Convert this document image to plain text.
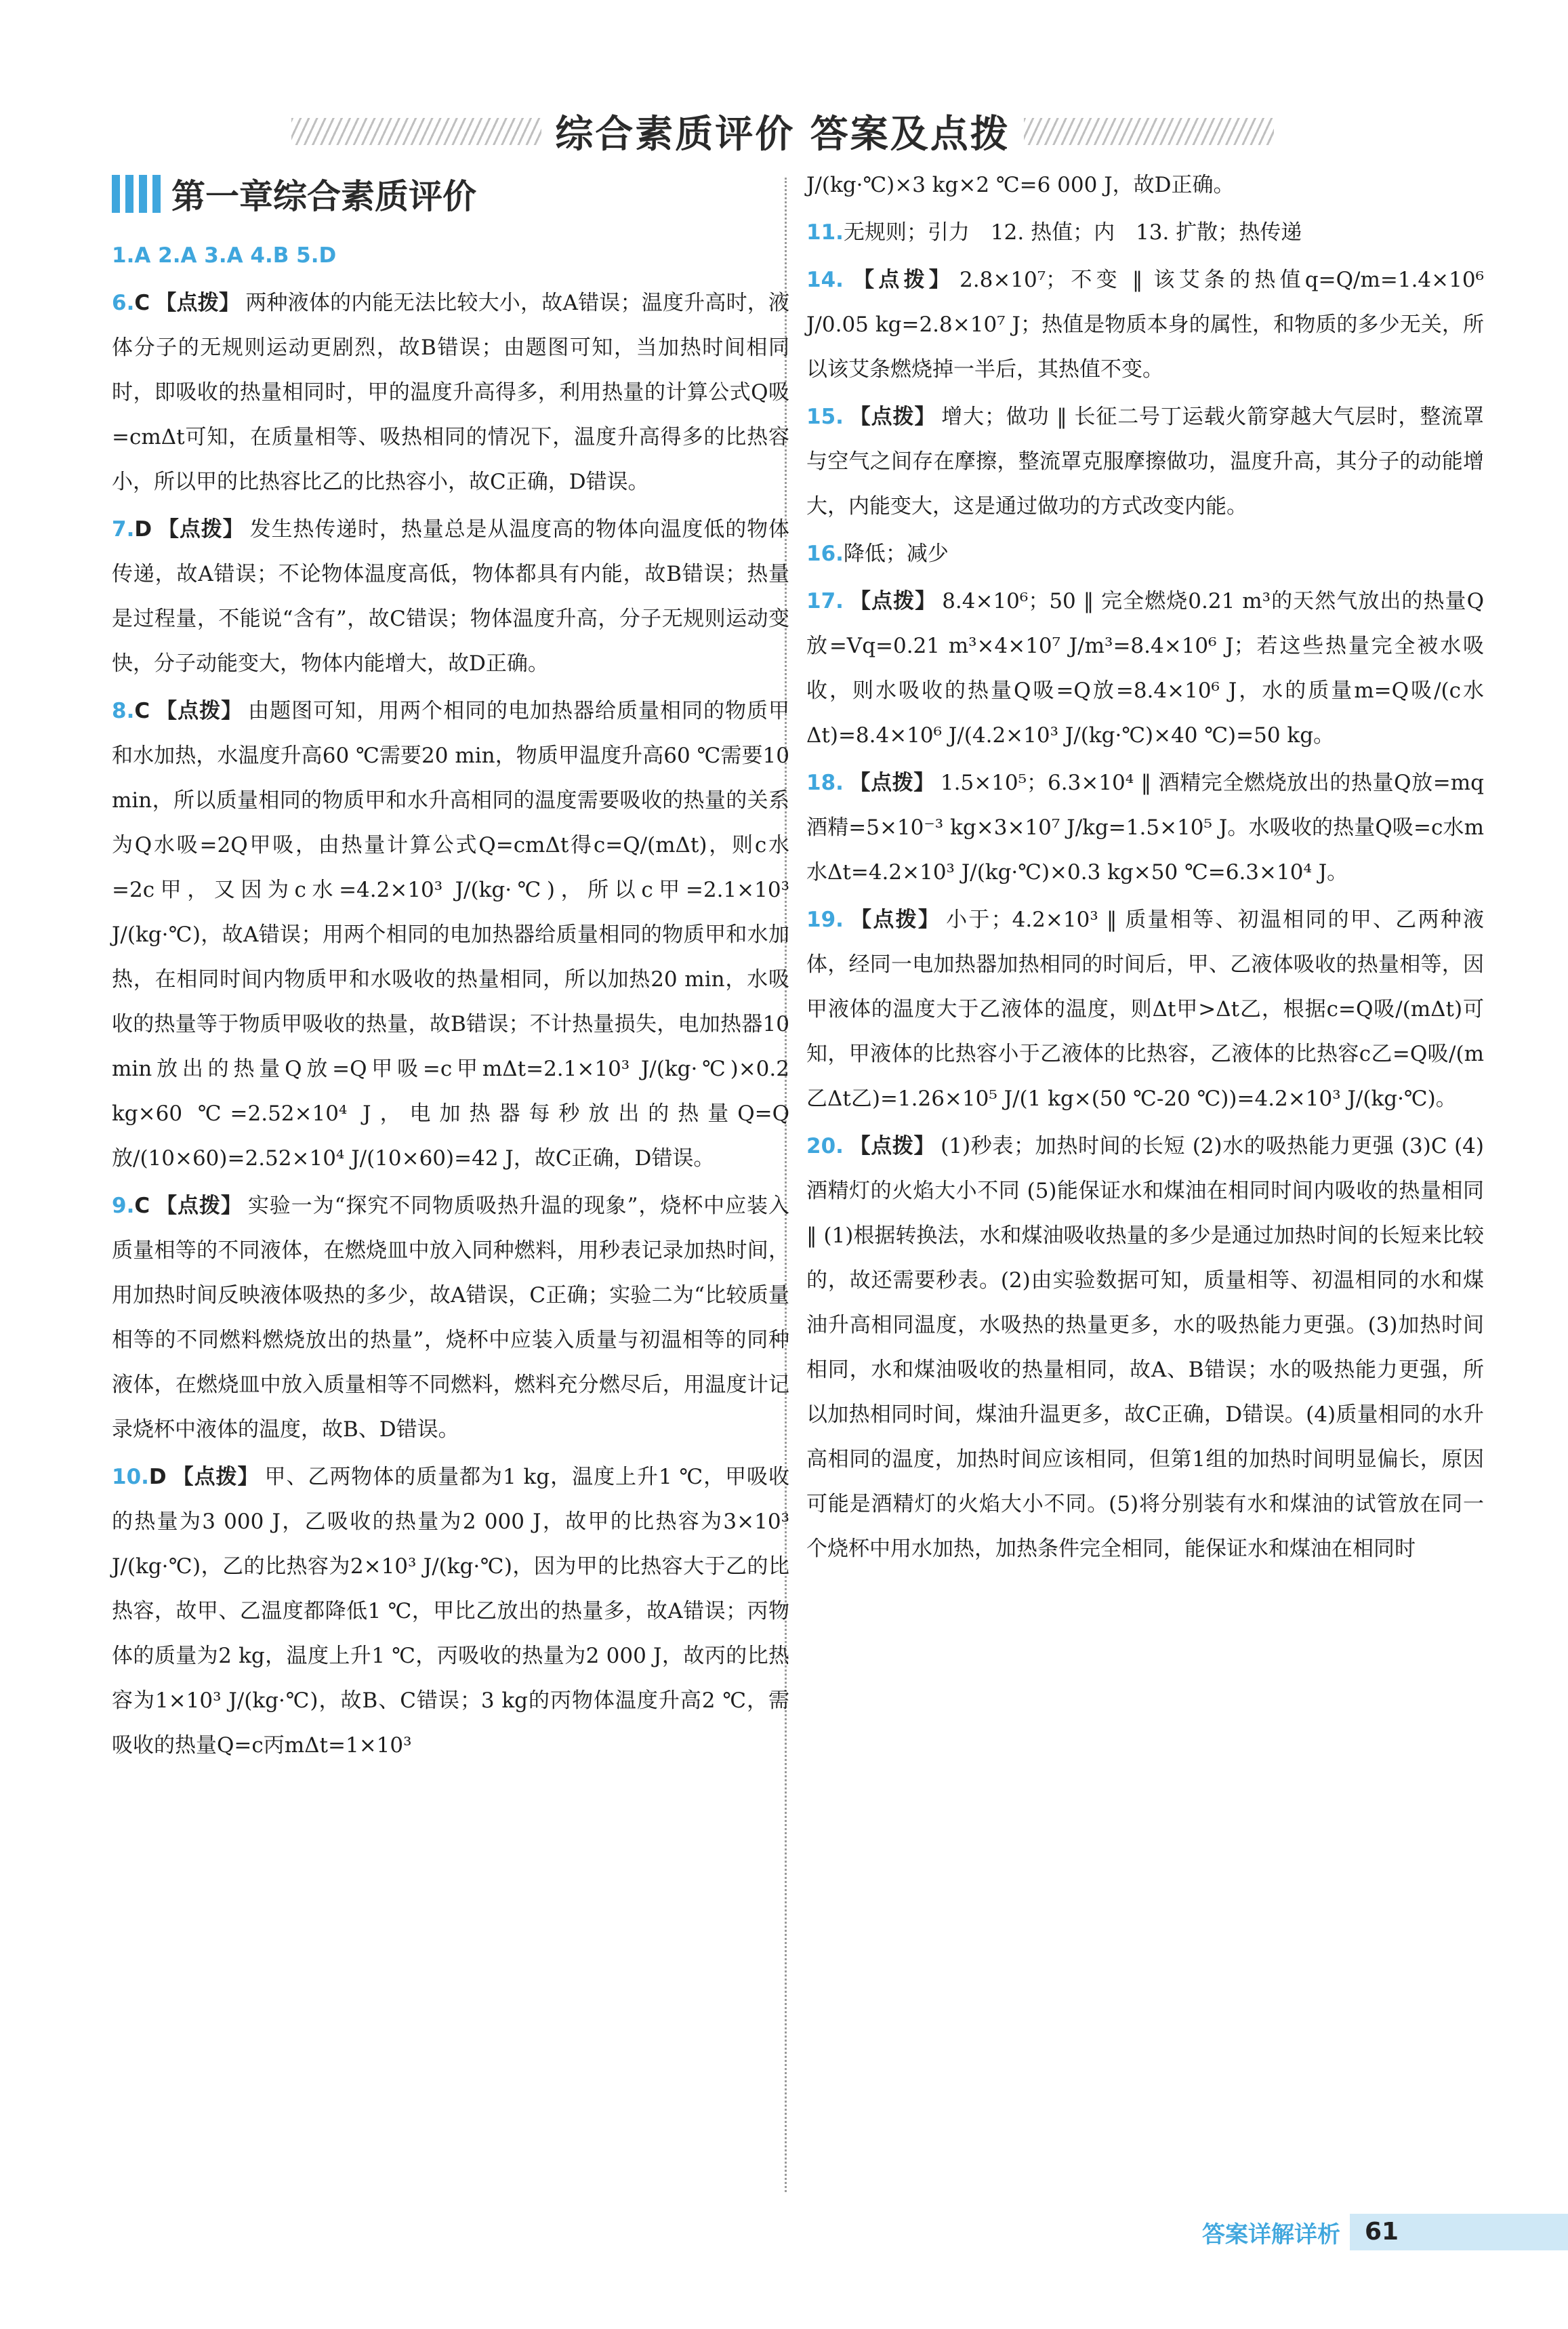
综合素质评价 答案及点拨
第一章综合素质评价

1.A 2.A 3.A 4.B 5.D

6.C 【点拨】 两种液体的内能无法比较大小，故A错误；温度升高时，液体分子的无规则运动更剧烈，故B错误；由题图可知，当加热时间相同时，即吸收的热量相同时，甲的温度升高得多，利用热量的计算公式Q吸=cmΔt可知，在质量相等、吸热相同的情况下，温度升高得多的比热容小，所以甲的比热容比乙的比热容小，故C正确，D错误。

7.D 【点拨】 发生热传递时，热量总是从温度高的物体向温度低的物体传递，故A错误；不论物体温度高低，物体都具有内能，故B错误；热量是过程量，不能说“含有”，故C错误；物体温度升高，分子无规则运动变快，分子动能变大，物体内能增大，故D正确。

8.C 【点拨】 由题图可知，用两个相同的电加热器给质量相同的物质甲和水加热，水温度升高60 ℃需要20 min，物质甲温度升高60 ℃需要10 min，所以质量相同的物质甲和水升高相同的温度需要吸收的热量的关系为Q水吸=2Q甲吸，由热量计算公式Q=cmΔt得c=Q/(mΔt)，则c水=2c甲，又因为c水=4.2×10³ J/(kg·℃)，所以c甲=2.1×10³ J/(kg·℃)，故A错误；用两个相同的电加热器给质量相同的物质甲和水加热，在相同时间内物质甲和水吸收的热量相同，所以加热20 min，水吸收的热量等于物质甲吸收的热量，故B错误；不计热量损失，电加热器10 min放出的热量Q放=Q甲吸=c甲mΔt=2.1×10³ J/(kg·℃)×0.2 kg×60 ℃=2.52×10⁴ J，电加热器每秒放出的热量Q=Q放/(10×60)=2.52×10⁴ J/(10×60)=42 J，故C正确，D错误。

9.C 【点拨】 实验一为“探究不同物质吸热升温的现象”，烧杯中应装入质量相等的不同液体，在燃烧皿中放入同种燃料，用秒表记录加热时间，用加热时间反映液体吸热的多少，故A错误，C正确；实验二为“比较质量相等的不同燃料燃烧放出的热量”，烧杯中应装入质量与初温相等的同种液体，在燃烧皿中放入质量相等不同燃料，燃料充分燃尽后，用温度计记录烧杯中液体的温度，故B、D错误。

10.D 【点拨】 甲、乙两物体的质量都为1 kg，温度上升1 ℃，甲吸收的热量为3 000 J，乙吸收的热量为2 000 J，故甲的比热容为3×10³ J/(kg·℃)，乙的比热容为2×10³ J/(kg·℃)，因为甲的比热容大于乙的比热容，故甲、乙温度都降低1 ℃，甲比乙放出的热量多，故A错误；丙物体的质量为2 kg，温度上升1 ℃，丙吸收的热量为2 000 J，故丙的比热容为1×10³ J/(kg·℃)，故B、C错误；3 kg的丙物体温度升高2 ℃，需吸收的热量Q=c丙mΔt=1×10³

J/(kg·℃)×3 kg×2 ℃=6 000 J，故D正确。

11.无规则；引力　12. 热值；内　13. 扩散；热传递

14. 【点拨】 2.8×10⁷；不变 ‖ 该艾条的热值q=Q/m=1.4×10⁶ J/0.05 kg=2.8×10⁷ J；热值是物质本身的属性，和物质的多少无关，所以该艾条燃烧掉一半后，其热值不变。

15. 【点拨】 增大；做功 ‖ 长征二号丁运载火箭穿越大气层时，整流罩与空气之间存在摩擦，整流罩克服摩擦做功，温度升高，其分子的动能增大，内能变大，这是通过做功的方式改变内能。

16.降低；减少

17. 【点拨】 8.4×10⁶；50 ‖ 完全燃烧0.21 m³的天然气放出的热量Q放=Vq=0.21 m³×4×10⁷ J/m³=8.4×10⁶ J；若这些热量完全被水吸收，则水吸收的热量Q吸=Q放=8.4×10⁶ J，水的质量m=Q吸/(c水Δt)=8.4×10⁶ J/(4.2×10³ J/(kg·℃)×40 ℃)=50 kg。

18. 【点拨】 1.5×10⁵；6.3×10⁴ ‖ 酒精完全燃烧放出的热量Q放=mq酒精=5×10⁻³ kg×3×10⁷ J/kg=1.5×10⁵ J。水吸收的热量Q吸=c水m水Δt=4.2×10³ J/(kg·℃)×0.3 kg×50 ℃=6.3×10⁴ J。

19. 【点拨】 小于；4.2×10³ ‖ 质量相等、初温相同的甲、乙两种液体，经同一电加热器加热相同的时间后，甲、乙液体吸收的热量相等，因甲液体的温度大于乙液体的温度，则Δt甲>Δt乙，根据c=Q吸/(mΔt)可知，甲液体的比热容小于乙液体的比热容，乙液体的比热容c乙=Q吸/(m乙Δt乙)=1.26×10⁵ J/(1 kg×(50 ℃-20 ℃))=4.2×10³ J/(kg·℃)。

20. 【点拨】 (1)秒表；加热时间的长短 (2)水的吸热能力更强 (3)C (4)酒精灯的火焰大小不同 (5)能保证水和煤油在相同时间内吸收的热量相同 ‖ (1)根据转换法，水和煤油吸收热量的多少是通过加热时间的长短来比较的，故还需要秒表。(2)由实验数据可知，质量相等、初温相同的水和煤油升高相同温度，水吸热的热量更多，水的吸热能力更强。(3)加热时间相同，水和煤油吸收的热量相同，故A、B错误；水的吸热能力更强，所以加热相同时间，煤油升温更多，故C正确，D错误。(4)质量相同的水升高相同的温度，加热时间应该相同，但第1组的加热时间明显偏长，原因可能是酒精灯的火焰大小不同。(5)将分别装有水和煤油的试管放在同一个烧杯中用水加热，加热条件完全相同，能保证水和煤油在相同时

答案详解详析	61
